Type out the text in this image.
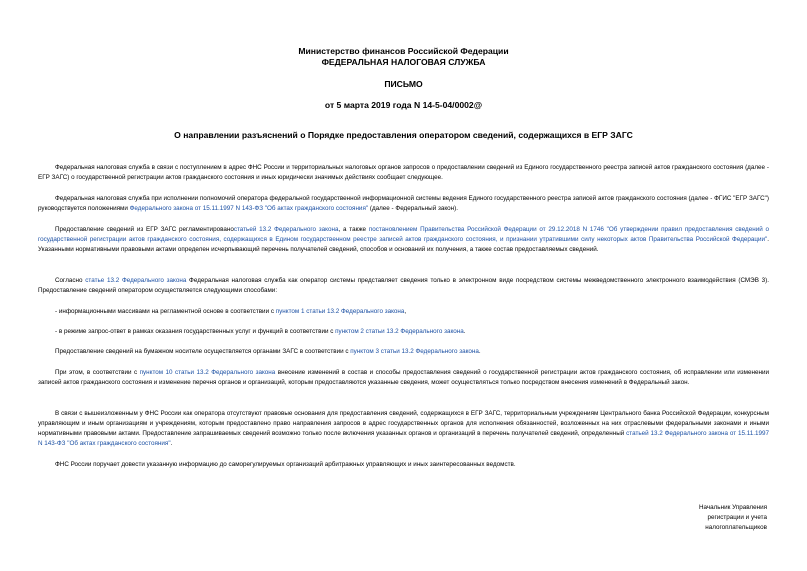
Министерство финансов Российской Федерации
ФЕДЕРАЛЬНАЯ НАЛОГОВАЯ СЛУЖБА
ПИСЬМО
от 5 марта 2019 года N 14-5-04/0002@
О направлении разъяснений о Порядке предоставления оператором сведений, содержащихся в ЕГР ЗАГС
Федеральная налоговая служба в связи с поступлением в адрес ФНС России и территориальных налоговых органов запросов о предоставлении сведений из Единого государственного реестра записей актов гражданского состояния (далее - ЕГР ЗАГС) о государственной регистрации актов гражданского состояния и иных юридически значимых действиях сообщает следующее.
Федеральная налоговая служба при исполнении полномочий оператора федеральной государственной информационной системы ведения Единого государственного реестра записей актов гражданского состояния (далее - ФГИС "ЕГР ЗАГС") руководствуется положениями Федерального закона от 15.11.1997 N 143-ФЗ "Об актах гражданского состояния" (далее - Федеральный закон).
Предоставление сведений из ЕГР ЗАГС регламентированостатьей 13.2 Федерального закона, а также постановлением Правительства Российской Федерации от 29.12.2018 N 1746 "Об утверждении правил предоставления сведений о государственной регистрации актов гражданского состояния, содержащихся в Едином государственном реестре записей актов гражданского состояния, и признании утратившими силу некоторых актов Правительства Российской Федерации". Указанными нормативными правовыми актами определен исчерпывающий перечень получателей сведений, способов и оснований их получения, а также состав предоставляемых сведений.
Согласно статье 13.2 Федерального закона Федеральная налоговая служба как оператор системы представляет сведения только в электронном виде посредством системы межведомственного электронного взаимодействия (СМЭВ 3). Предоставление сведений оператором осуществляется следующими способами:
- информационными массивами на регламентной основе в соответствии с пунктом 1 статьи 13.2 Федерального закона,
- в режиме запрос-ответ в рамках оказания государственных услуг и функций в соответствии с пунктом 2 статьи 13.2 Федерального закона.
Предоставление сведений на бумажном носителе осуществляется органами ЗАГС в соответствии с пунктом 3 статьи 13.2 Федерального закона.
При этом, в соответствии с пунктом 10 статьи 13.2 Федерального закона внесение изменений в состав и способы предоставления сведений о государственной регистрации актов гражданского состояния, об исправлении или изменении записей актов гражданского состояния и изменение перечня органов и организаций, которым предоставляются указанные сведения, может осуществляться только посредством внесения изменений в Федеральный закон.
В связи с вышеизложенным у ФНС России как оператора отсутствуют правовые основания для предоставления сведений, содержащихся в ЕГР ЗАГС, территориальным учреждениям Центрального банка Российской Федерации, конкурсным управляющим и иным организациям и учреждениям, которым предоставлено право направления запросов в адрес государственных органов для исполнения обязанностей, возложенных на них отраслевыми федеральными законами и иными нормативными правовыми актами. Предоставление запрашиваемых сведений возможно только после включения указанных органов и организаций в перечень получателей сведений, определенный статьей 13.2 Федерального закона от 15.11.1997 N 143-ФЗ "Об актах гражданского состояния".
ФНС России поручает довести указанную информацию до саморегулируемых организаций арбитражных управляющих и иных заинтересованных ведомств.
Начальник Управления
регистрации и учета
налогоплательщиков
